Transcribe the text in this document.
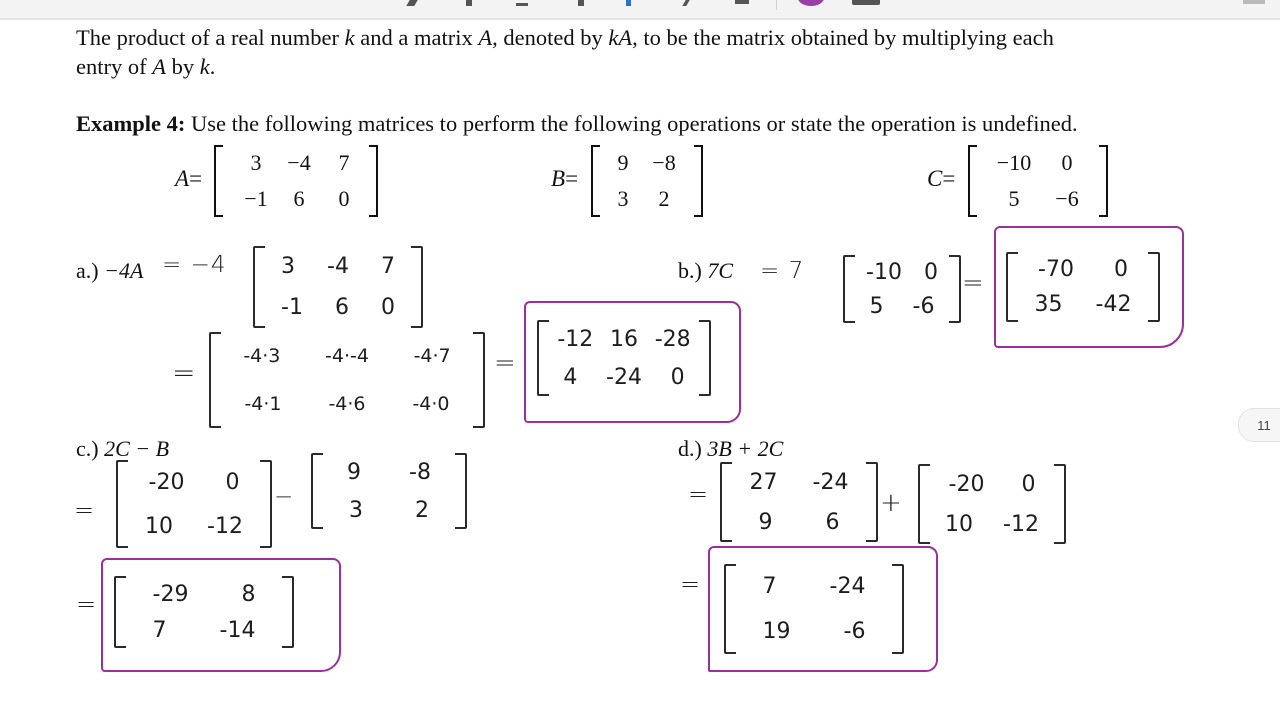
The product of a real number k and a matrix A, denoted by kA, to be the matrix obtained by multiplying each
entry of A by k.
Example 4: Use the following matrices to perform the following operations or state the operation is undefined.
A=
3	−4	7
−1	6	0
B=
9	−8
3	2
C=
−10	0
5	−6
a.) −4A = −4 3 -4 7
-1 6 0
= -4·3 -4·-4 -4·7
-4·1 -4·6 -4·0
=
-12 16 -28
4 -24 0
b.) 7C = 7	-10 0
5 -6
= -70 0
35 -42
c.) 2C − B
=
-20 0
10 -12
−
9 -8
3 2
=	-29 8
7 -14
d.) 3B + 2C
= 27 -24
9 6
+
-20 0
10 -12
=	7 -24
19 -6
11
